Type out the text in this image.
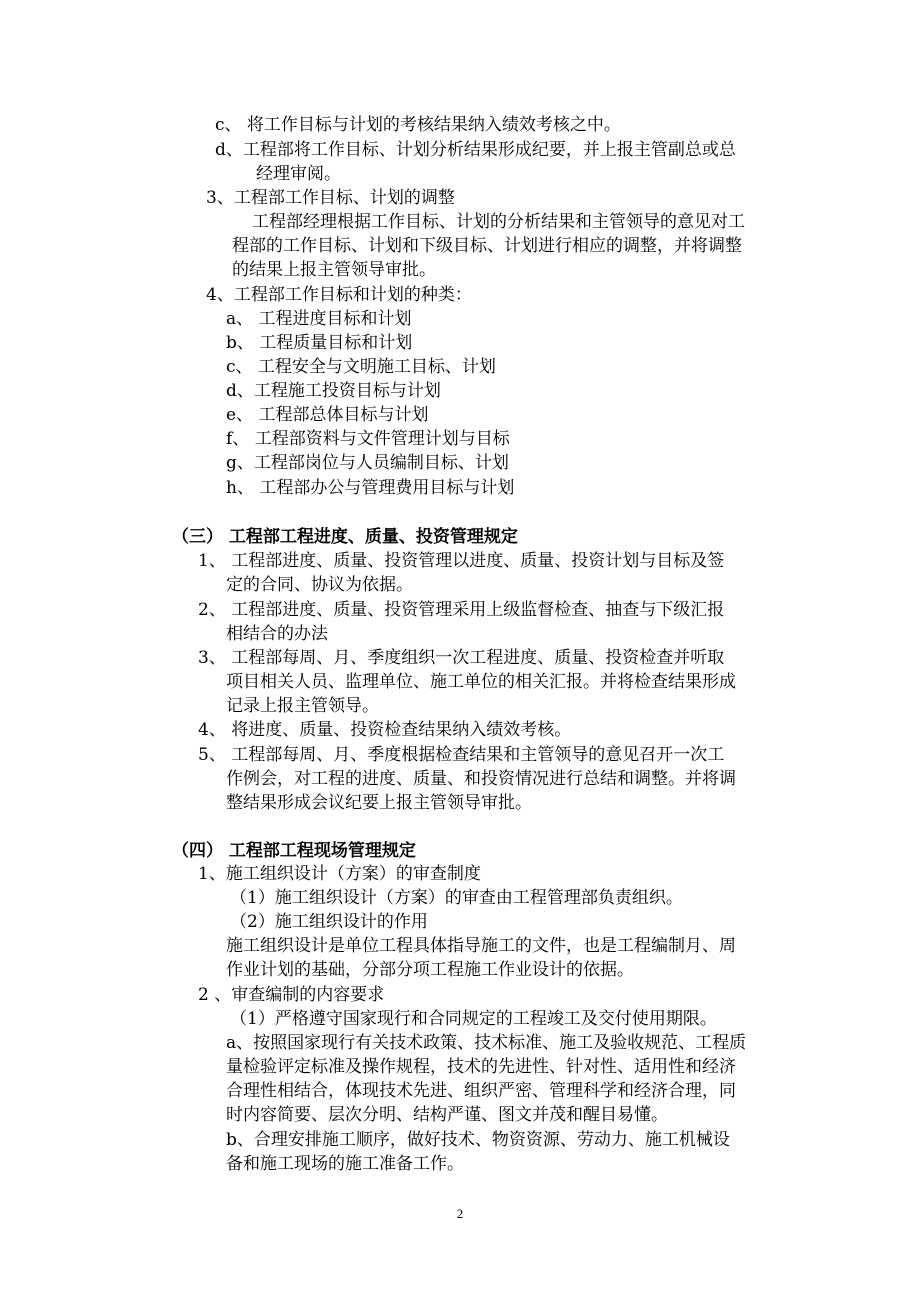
c、 将工作目标与计划的考核结果纳入绩效考核之中。
d、工程部将工作目标、计划分析结果形成纪要，并上报主管副总或总
经理审阅。
3、工程部工作目标、计划的调整
工程部经理根据工作目标、计划的分析结果和主管领导的意见对工
程部的工作目标、计划和下级目标、计划进行相应的调整，并将调整
的结果上报主管领导审批。
4、工程部工作目标和计划的种类：
a、 工程进度目标和计划
b、 工程质量目标和计划
c、 工程安全与文明施工目标、计划
d、工程施工投资目标与计划
e、 工程部总体目标与计划
f、 工程部资料与文件管理计划与目标
g、工程部岗位与人员编制目标、计划
h、 工程部办公与管理费用目标与计划
（三） 工程部工程进度、质量、投资管理规定
1、 工程部进度、质量、投资管理以进度、质量、投资计划与目标及签
定的合同、协议为依据。
2、 工程部进度、质量、投资管理采用上级监督检查、抽查与下级汇报
相结合的办法
3、 工程部每周、月、季度组织一次工程进度、质量、投资检查并听取
项目相关人员、监理单位、施工单位的相关汇报。并将检查结果形成
记录上报主管领导。
4、 将进度、质量、投资检查结果纳入绩效考核。
5、 工程部每周、月、季度根据检查结果和主管领导的意见召开一次工
作例会，对工程的进度、质量、和投资情况进行总结和调整。并将调
整结果形成会议纪要上报主管领导审批。
（四） 工程部工程现场管理规定
1、施工组织设计（方案）的审查制度
（1）施工组织设计（方案）的审查由工程管理部负责组织。
（2）施工组织设计的作用
施工组织设计是单位工程具体指导施工的文件，也是工程编制月、周
作业计划的基础，分部分项工程施工作业设计的依据。
2 、审查编制的内容要求
（1）严格遵守国家现行和合同规定的工程竣工及交付使用期限。
a、按照国家现行有关技术政策、技术标准、施工及验收规范、工程质
量检验评定标准及操作规程，技术的先进性、针对性、适用性和经济
合理性相结合，体现技术先进、组织严密、管理科学和经济合理，同
时内容简要、层次分明、结构严谨、图文并茂和醒目易懂。
b、合理安排施工顺序，做好技术、物资资源、劳动力、施工机械设
备和施工现场的施工准备工作。
2
